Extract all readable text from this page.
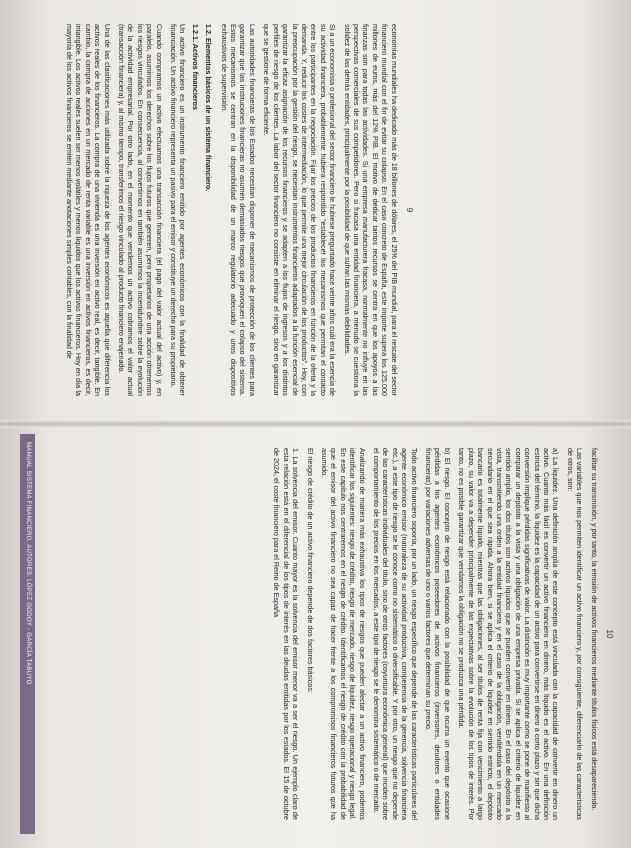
9

economías mundiales ha dedicado más de 18 billones de dólares, el 25% del PIB mundial, para el rescate del sector financiero mundial con el fin de evitar su colapso. En el caso concreto de España, este importe supera los 125.000 millones de euros, más del 12% PIB. El motivo de dedicar tantos recursos se centra en que los apoyos a las finanzas son para todas las actividades. Si una empresa manufacturera fracasa, normalmente no influye en las perspectivas comerciales de sus competidores. Pero si fracasa una entidad financiera, a menudo se cuestiona la solidez de las demás entidades, principalmente por la posibilidad de que sufran las mismas debilidades.

Si a un economista o profesional del sector financiero le hubiese preguntado hace veinte años cuál era la esencia de su actividad financiera, probablemente hubiera respondido “establecer los mecanismos que permitan el contacto entre los participantes en la negociación. Fijar los precios de los productos financieros en función de la oferta y la demanda. Y, reducir los costes de intermediación, lo que permite una mejor circulación de los productos”. Hoy, con la preocupación por la gestión del riesgo, se necesitan instrumentos financieros adaptados a la función esencial de garantizar la eficaz asignación de los recursos financieros y se adapten a los flujos de ingresos y a los distintos perfiles de riesgo de los clientes. La labor del sector financiero no consiste en eliminar el riesgo, sino en garantizar que se gestione de forma eficiente.

Las autoridades financieras de los Estados necesitan disponer de mecanismos de protección de los clientes para garantizar que las instituciones financieras no asumen demasiados riesgos que provoquen el colapso del sistema. Estos mecanismos se centran en la disponibilidad de un marco regulatorio adecuado y unos dispositivos exhaustivos de supervisión.

1.2. Elementos básicos de un sistema financiero.
1.2.1. Activos financieros

Un activo financiero es un instrumento financiero emitido por agentes económicos con la finalidad de obtener financiación. Un activo financiero representa un pasivo para el emisor y constituye un derecho para su propietario.

Cuando compramos un activo efectuamos una transacción financiera (el pago del valor actual del activo) y, en paralelo, asumimos los derechos sobre los flujos futuros que generen, pero propietarios de una acción obtenemos los riesgos vinculados. En consecuencia, al convertirnos en también asumimos la incertidumbre sobre la evolución de la actividad empresarial. Por otro lado, en el momento que vendemos un activo cobramos el valor actual (transacción financiera) y, al mismo tiempo, transferimos el riesgo vinculado al producto financiero enajenado.

Una de las clasificaciones más utilizada sobre la riqueza de los agentes económicos es aquella que diferencia los activos reales de los financieros. La compra de una vivienda es una inversión en activo real, es decir, tangible. En cambio, la compra de acciones en un mercado de renta variable es una inversión en activos financieros, es decir, intangible. Los activos reales suelen ser menos volátiles y menos líquidos que los activos financieros. Hoy en día la mayoría de los activos financieros se emiten mediante anotaciones simples contables, con la finalidad de

10

facilitar su transmisión, y por tanto, la emisión de activos financieros mediante títulos físicos está desapareciendo.

Las variables que nos permiten identificar un activo financiero y, por consiguiente, diferenciarlo de las características de otros, son:

a) La liquidez. Una definición amplia de este concepto está vinculada con la capacidad de convertir en dinero un activo. Cuanto más fácil es convertir un activo financiero en dinero, más líquido es el activo. En una definición estricta del término, la liquidez es la capacidad de un activo para convertirse en dinero a corto plazo y sin que dicha conversión implique pérdidas significativas de valor. La distinción es muy importante como se pone de manifiesto al comparar un depósito a la vista y una obligación de una empresa privada. Si se aplica el criterio de liquidez en sentido amplio, los dos títulos son activos líquidos que se pueden convertir en dinero. En el caso del depósito a la vista, transmitiendo una orden a la entidad financiera y en el caso de la obligación, vendiéndola en un mercado secundario en el que sea rápida. Ahora bien, si se aplica el criterio de liquidez en sentido estricto, el depósito bancario es totalmente líquido, mientras que las obligaciones, al ser títulos de renta fija con vencimiento a largo plazo, su valor va a depender principalmente de las expectativas sobre la evolución de los tipos de interés. Por tanto, no es posible garantizar que vendamos la obligación no se produzca una pérdida.

b) El riesgo. El concepto de riesgo está relacionado con la posibilidad de que ocurra un evento que ocasione pérdidas a los agentes económicos poseedores de activos financieros (inversores, deudores o entidades financieras) por variaciones adversas de uno o varios factores que determinan su precio.

Todo activo financiero soporta, por un lado, un riesgo específico que depende de las características particulares del agente económico emisor (naturaleza de su actividad productiva, competencia de la gerencia, solvencia financiera etc.), a este tipo de riesgo se le conoce como no sistemático o diversificable. Y por otro, un riesgo que no depende de las características individuales del título, sino de otros factores (coyuntura económica general) que inciden sobre el comportamiento de los precios en los mercados, a este tipo de riesgo se le denomina sistemático o de mercado.

Analizando de manera más exhaustiva los tipos de riesgos que pueden afectar a un activo financiero, podemos identificar los siguientes: riesgo de crédito, riesgo de mercado, riesgo de liquidez, riesgo operacional y riesgo legal. En este capítulo nos centraremos en el riesgo de crédito. Identificamos el riesgo de crédito con la probabilidad de que el emisor del activo financiero no sea capaz de hacer frente a los compromisos financieros futuros que ha asumido.

El riesgo de crédito de un activo financiero depende de dos factores básicos:

1. La solvencia del emisor. Cuanto mayor es la solvencia del emisor menor va a ser el riesgo. Un ejemplo claro de esta relación está en el diferencial de los tipos de interés en las deudas emitidas por los estados. El 15 de octubre de 2024, el coste financiero para el Reino de España

MANUAL SISTEMA FINANCIERO. AUTORES: LÓPEZ GODOY - GARCÍA TABUYO
